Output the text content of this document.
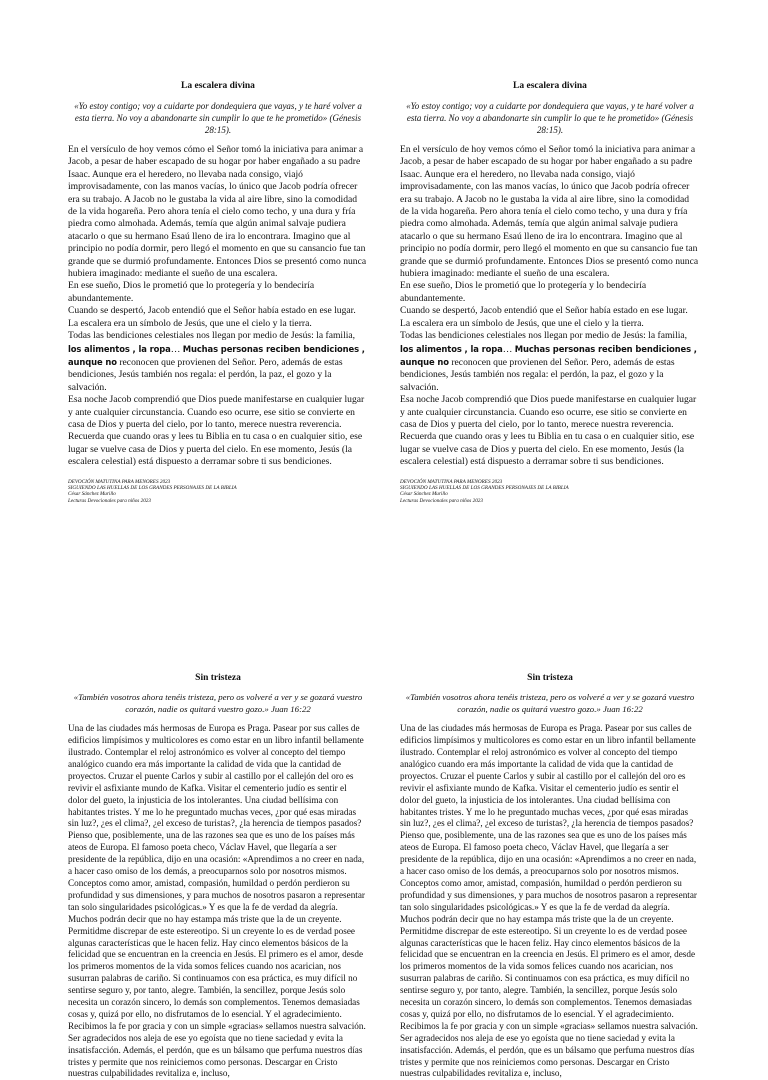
La escalera divina
«Yo estoy contigo; voy a cuidarte por dondequiera que vayas, y te haré volver a esta tierra. No voy a abandonarte sin cumplir lo que te he prometido» (Génesis 28:15).

En el versículo de hoy vemos cómo el Señor tomó la iniciativa para animar a Jacob, a pesar de haber escapado de su hogar por haber engañado a su padre Isaac. Aunque era el heredero, no llevaba nada consigo, viajó improvisadamente, con las manos vacías, lo único que Jacob podría ofrecer era su trabajo. A Jacob no le gustaba la vida al aire libre, sino la comodidad de la vida hogareña. Pero ahora tenía el cielo como techo, y una dura y fría piedra como almohada. Además, temía que algún animal salvaje pudiera atacarlo o que su hermano Esaú lleno de ira lo encontrara. Imagino que al principio no podía dormir, pero llegó el momento en que su cansancio fue tan grande que se durmió profundamente. Entonces Dios se presentó como nunca hubiera imaginado: mediante el sueño de una escalera.

En ese sueño, Dios le prometió que lo protegería y lo bendeciría abundantemente.

Cuando se despertó, Jacob entendió que el Señor había estado en ese lugar. La escalera era un símbolo de Jesús, que une el cielo y la tierra.

Todas las bendiciones celestiales nos llegan por medio de Jesús: la familia, los alimentos , la ropa… Muchas personas reciben bendiciones , aunque no reconocen que provienen del Señor. Pero, además de estas bendiciones, Jesús también nos regala: el perdón, la paz, el gozo y la salvación.

Esa noche Jacob comprendió que Dios puede manifestarse en cualquier lugar y ante cualquier circunstancia. Cuando eso ocurre, ese sitio se convierte en casa de Dios y puerta del cielo, por lo tanto, merece nuestra reverencia.

Recuerda que cuando oras y lees tu Biblia en tu casa o en cualquier sitio, ese lugar se vuelve casa de Dios y puerta del cielo. En ese momento, Jesús (la escalera celestial) está dispuesto a derramar sobre ti sus bendiciones.

DEVOCIÓN MATUTINA PARA MENORES 2023
SIGUIENDO LAS HUELLAS DE LOS GRANDES PERSONAJES DE LA BIBLIA
César Sánchez Murillo
Lecturas Devocionales para niños 2023
La escalera divina
«Yo estoy contigo; voy a cuidarte por dondequiera que vayas, y te haré volver a esta tierra. No voy a abandonarte sin cumplir lo que te he prometido» (Génesis 28:15).

En el versículo de hoy vemos cómo el Señor tomó la iniciativa para animar a Jacob, a pesar de haber escapado de su hogar por haber engañado a su padre Isaac. Aunque era el heredero, no llevaba nada consigo, viajó improvisadamente, con las manos vacías, lo único que Jacob podría ofrecer era su trabajo. A Jacob no le gustaba la vida al aire libre, sino la comodidad de la vida hogareña. Pero ahora tenía el cielo como techo, y una dura y fría piedra como almohada. Además, temía que algún animal salvaje pudiera atacarlo o que su hermano Esaú lleno de ira lo encontrara. Imagino que al principio no podía dormir, pero llegó el momento en que su cansancio fue tan grande que se durmió profundamente. Entonces Dios se presentó como nunca hubiera imaginado: mediante el sueño de una escalera.

En ese sueño, Dios le prometió que lo protegería y lo bendeciría abundantemente.

Cuando se despertó, Jacob entendió que el Señor había estado en ese lugar. La escalera era un símbolo de Jesús, que une el cielo y la tierra.

Todas las bendiciones celestiales nos llegan por medio de Jesús: la familia, los alimentos , la ropa… Muchas personas reciben bendiciones , aunque no reconocen que provienen del Señor. Pero, además de estas bendiciones, Jesús también nos regala: el perdón, la paz, el gozo y la salvación.

Esa noche Jacob comprendió que Dios puede manifestarse en cualquier lugar y ante cualquier circunstancia. Cuando eso ocurre, ese sitio se convierte en casa de Dios y puerta del cielo, por lo tanto, merece nuestra reverencia.

Recuerda que cuando oras y lees tu Biblia en tu casa o en cualquier sitio, ese lugar se vuelve casa de Dios y puerta del cielo. En ese momento, Jesús (la escalera celestial) está dispuesto a derramar sobre ti sus bendiciones.

DEVOCIÓN MATUTINA PARA MENORES 2023
SIGUIENDO LAS HUELLAS DE LOS GRANDES PERSONAJES DE LA BIBLIA
César Sánchez Murillo
Lecturas Devocionales para niños 2023
Sin tristeza
«También vosotros ahora tenéis tristeza, pero os volveré a ver y se gozará vuestro corazón, nadie os quitará vuestro gozo.» Juan 16:22
Una de las ciudades más hermosas de Europa es Praga. Pasear por sus calles de edificios limpísimos y multicolores es como estar en un libro infantil bellamente ilustrado. Contemplar el reloj astronómico es volver al concepto del tiempo analógico cuando era más importante la calidad de vida que la cantidad de proyectos. Cruzar el puente Carlos y subir al castillo por el callejón del oro es revivir el asfixiante mundo de Kafka. Visitar el cementerio judío es sentir el dolor del gueto, la injusticia de los intolerantes. Una ciudad bellísima con habitantes tristes. Y me lo he preguntado muchas veces, ¿por qué esas miradas sin luz?, ¿es el clima?, ¿el exceso de turistas?, ¿la herencia de tiempos pasados? Pienso que, posiblemente, una de las razones sea que es uno de los países más ateos de Europa. El famoso poeta checo, Václav Havel, que llegaría a ser presidente de la república, dijo en una ocasión: «Aprendimos a no creer en nada, a hacer caso omiso de los demás, a preocuparnos solo por nosotros mismos. Conceptos como amor, amistad, compasión, humildad o perdón perdieron su profundidad y sus dimensiones, y para muchos de nosotros pasaron a representar tan solo singularidades psicológicas.» Y es que la fe de verdad da alegría. Muchos podrán decir que no hay estampa más triste que la de un creyente. Permitidme discrepar de este estereotipo. Si un creyente lo es de verdad posee algunas características que le hacen feliz. Hay cinco elementos básicos de la felicidad que se encuentran en la creencia en Jesús. El primero es el amor, desde los primeros momentos de la vida somos felices cuando nos acarician, nos susurran palabras de cariño. Si continuamos con esa práctica, es muy difícil no sentirse seguro y, por tanto, alegre. También, la sencillez, porque Jesús solo necesita un corazón sincero, lo demás son complementos. Tenemos demasiadas cosas y, quizá por ello, no disfrutamos de lo esencial. Y el agradecimiento. Recibimos la fe por gracia y con un simple «gracias» sellamos nuestra salvación. Ser agradecidos nos aleja de ese yo egoísta que no tiene saciedad y evita la insatisfacción. Además, el perdón, que es un bálsamo que perfuma nuestros días tristes y permite que nos reiniciemos como personas. Descargar en Cristo nuestras culpabilidades revitaliza e, incluso,
Sin tristeza
«También vosotros ahora tenéis tristeza, pero os volveré a ver y se gozará vuestro corazón, nadie os quitará vuestro gozo.» Juan 16:22
Una de las ciudades más hermosas de Europa es Praga. Pasear por sus calles de edificios limpísimos y multicolores es como estar en un libro infantil bellamente ilustrado. Contemplar el reloj astronómico es volver al concepto del tiempo analógico cuando era más importante la calidad de vida que la cantidad de proyectos. Cruzar el puente Carlos y subir al castillo por el callejón del oro es revivir el asfixiante mundo de Kafka. Visitar el cementerio judío es sentir el dolor del gueto, la injusticia de los intolerantes. Una ciudad bellísima con habitantes tristes. Y me lo he preguntado muchas veces, ¿por qué esas miradas sin luz?, ¿es el clima?, ¿el exceso de turistas?, ¿la herencia de tiempos pasados? Pienso que, posiblemente, una de las razones sea que es uno de los países más ateos de Europa. El famoso poeta checo, Václav Havel, que llegaría a ser presidente de la república, dijo en una ocasión: «Aprendimos a no creer en nada, a hacer caso omiso de los demás, a preocuparnos solo por nosotros mismos. Conceptos como amor, amistad, compasión, humildad o perdón perdieron su profundidad y sus dimensiones, y para muchos de nosotros pasaron a representar tan solo singularidades psicológicas.» Y es que la fe de verdad da alegría. Muchos podrán decir que no hay estampa más triste que la de un creyente. Permitidme discrepar de este estereotipo. Si un creyente lo es de verdad posee algunas características que le hacen feliz. Hay cinco elementos básicos de la felicidad que se encuentran en la creencia en Jesús. El primero es el amor, desde los primeros momentos de la vida somos felices cuando nos acarician, nos susurran palabras de cariño. Si continuamos con esa práctica, es muy difícil no sentirse seguro y, por tanto, alegre. También, la sencillez, porque Jesús solo necesita un corazón sincero, lo demás son complementos. Tenemos demasiadas cosas y, quizá por ello, no disfrutamos de lo esencial. Y el agradecimiento. Recibimos la fe por gracia y con un simple «gracias» sellamos nuestra salvación. Ser agradecidos nos aleja de ese yo egoísta que no tiene saciedad y evita la insatisfacción. Además, el perdón, que es un bálsamo que perfuma nuestros días tristes y permite que nos reiniciemos como personas. Descargar en Cristo nuestras culpabilidades revitaliza e, incluso,
